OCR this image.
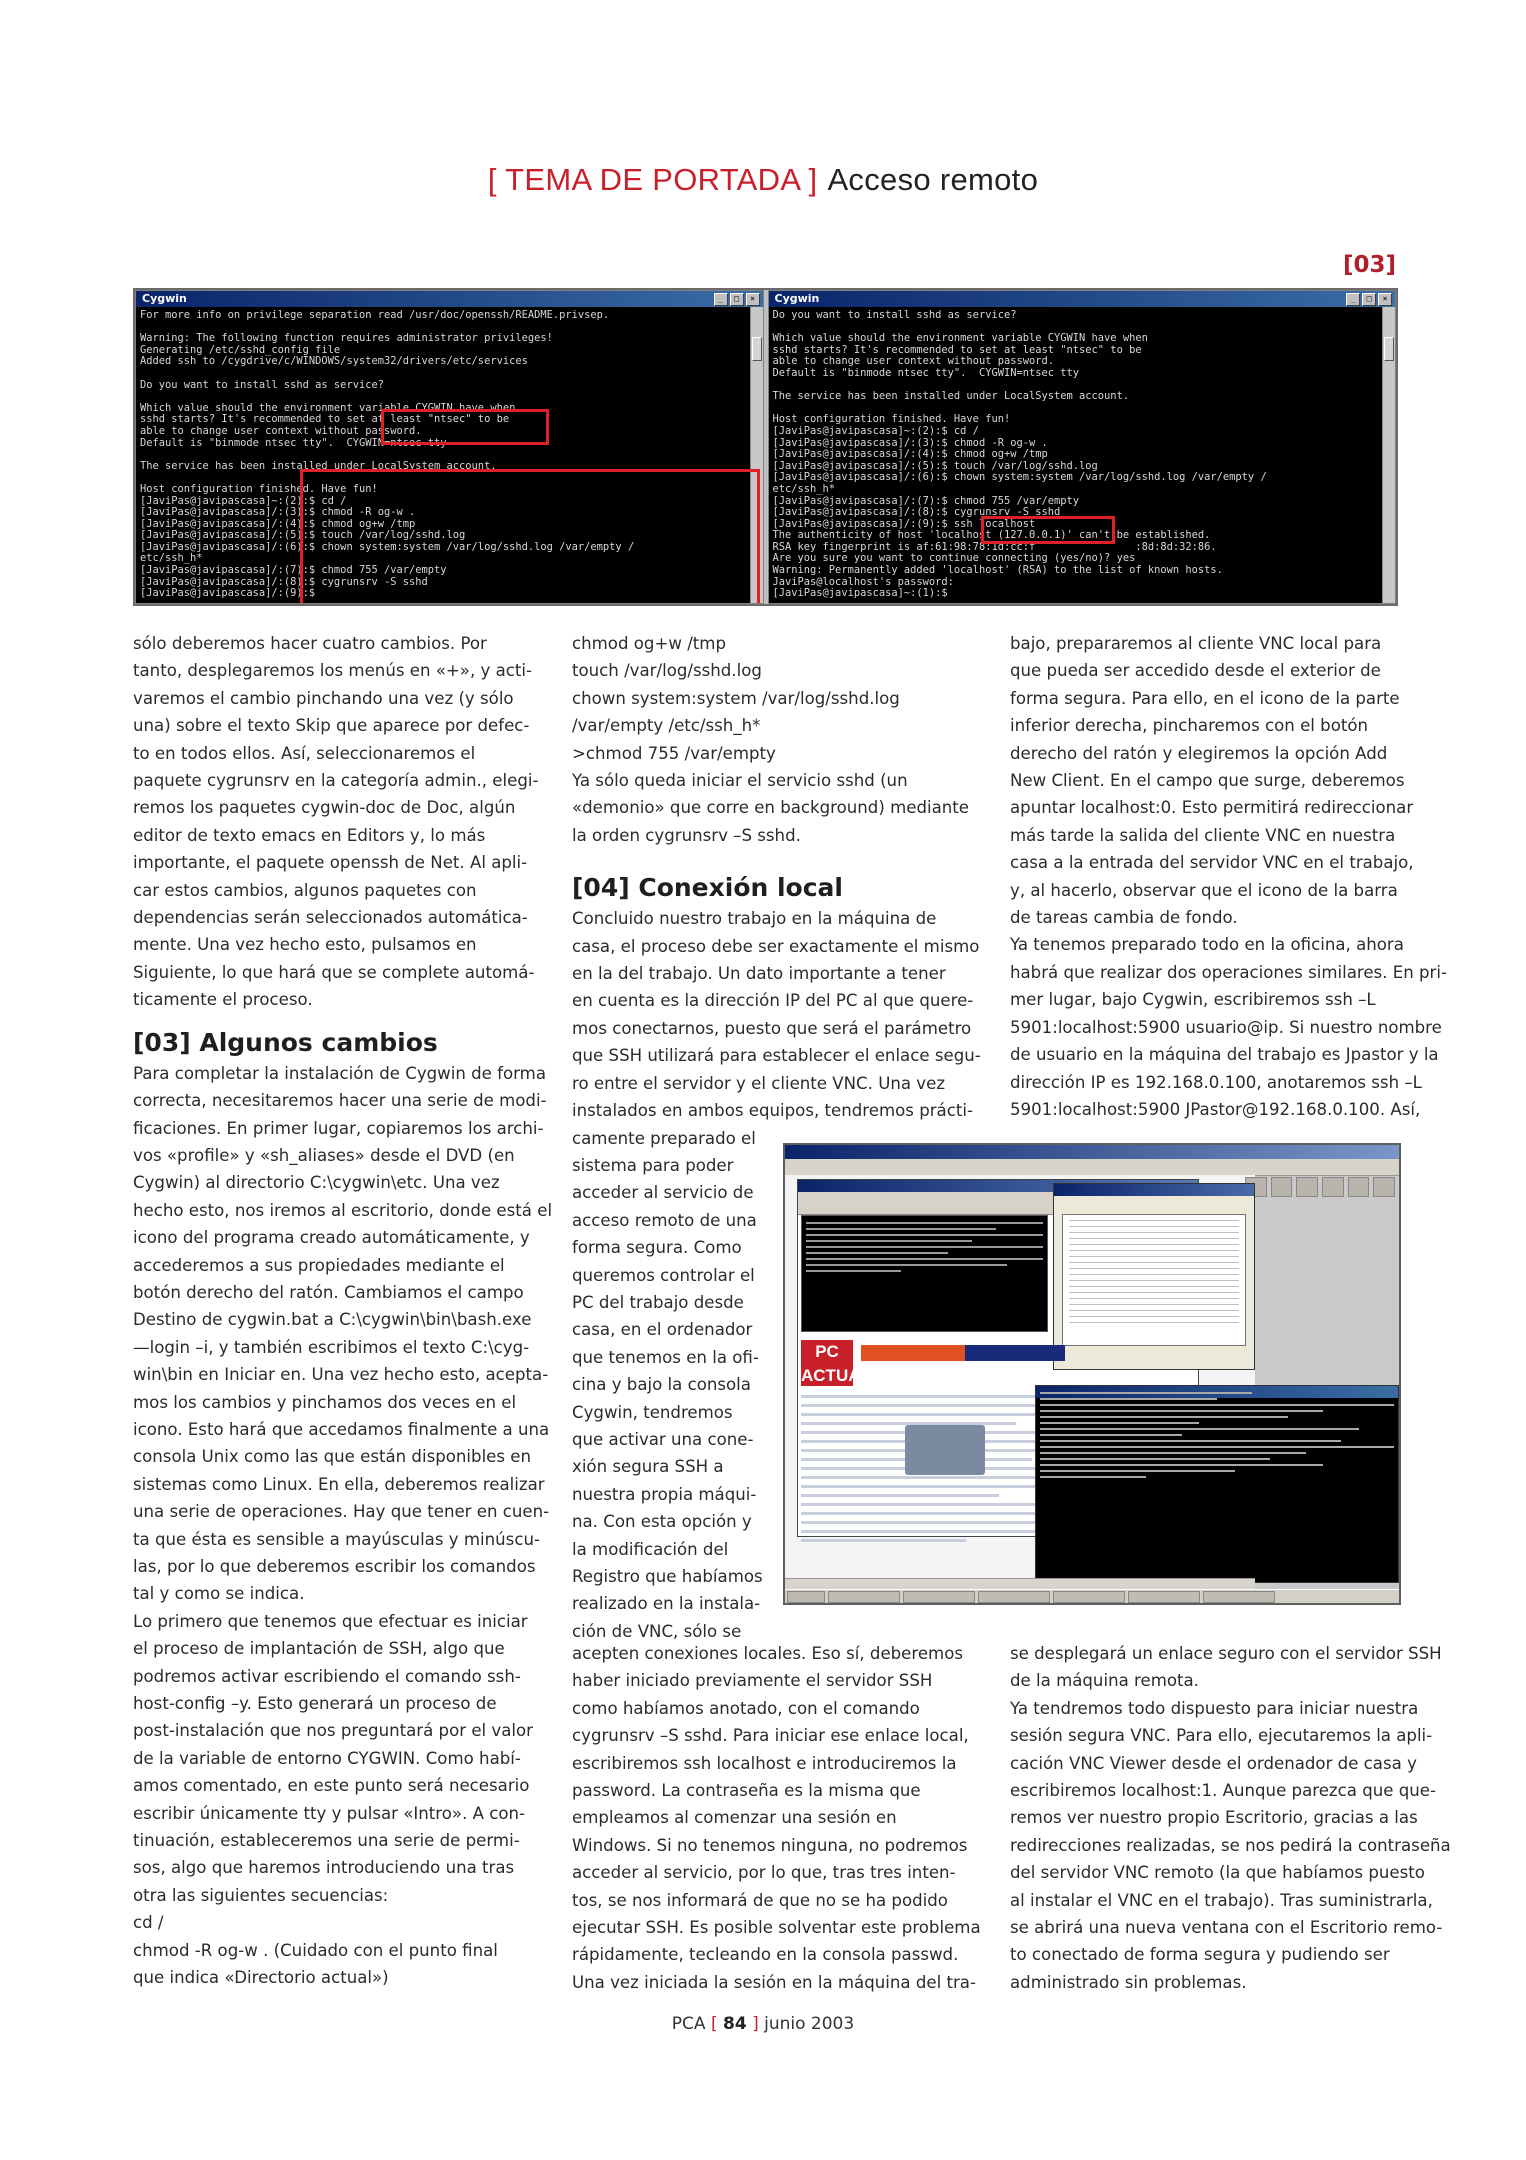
[ TEMA DE PORTADA ] Acceso remoto
[03]
Cygwin	_	□	×
For more info on privilege separation read /usr/doc/openssh/README.privsep.

Warning: The following function requires administrator privileges!
Generating /etc/sshd_config file
Added ssh to /cygdrive/c/WINDOWS/system32/drivers/etc/services

Do you want to install sshd as service?

Which value should the environment variable CYGWIN have when
sshd starts? It's recommended to set at least "ntsec" to be
able to change user context without password.
Default is "binmode ntsec tty".  CYGWIN=ntsec tty

The service has been installed under LocalSystem account.

Host configuration finished. Have fun!
[JaviPas@javipascasa]~:(2):$ cd /
[JaviPas@javipascasa]/:(3):$ chmod -R og-w .
[JaviPas@javipascasa]/:(4):$ chmod og+w /tmp
[JaviPas@javipascasa]/:(5):$ touch /var/log/sshd.log
[JaviPas@javipascasa]/:(6):$ chown system:system /var/log/sshd.log /var/empty /
etc/ssh_h*
[JaviPas@javipascasa]/:(7):$ chmod 755 /var/empty
[JaviPas@javipascasa]/:(8):$ cygrunsrv -S sshd
[JaviPas@javipascasa]/:(9):$
Cygwin	_	□	×
Do you want to install sshd as service?

Which value should the environment variable CYGWIN have when
sshd starts? It's recommended to set at least "ntsec" to be
able to change user context without password.
Default is "binmode ntsec tty".  CYGWIN=ntsec tty

The service has been installed under LocalSystem account.

Host configuration finished. Have fun!
[JaviPas@javipascasa]~:(2):$ cd /
[JaviPas@javipascasa]/:(3):$ chmod -R og-w .
[JaviPas@javipascasa]/:(4):$ chmod og+w /tmp
[JaviPas@javipascasa]/:(5):$ touch /var/log/sshd.log
[JaviPas@javipascasa]/:(6):$ chown system:system /var/log/sshd.log /var/empty /
etc/ssh_h*
[JaviPas@javipascasa]/:(7):$ chmod 755 /var/empty
[JaviPas@javipascasa]/:(8):$ cygrunsrv -S sshd
[JaviPas@javipascasa]/:(9):$ ssh localhost
The authenticity of host 'localhost (127.0.0.1)' can't be established.
RSA key fingerprint is af:61:98:78:1d:cc:f                :8d:8d:32:86.
Are you sure you want to continue connecting (yes/no)? yes
Warning: Permanently added 'localhost' (RSA) to the list of known hosts.
JaviPas@localhost's password:
[JaviPas@javipascasa]~:(1):$

sólo deberemos hacer cuatro cambios. Por
tanto, desplegaremos los menús en «+», y acti-
varemos el cambio pinchando una vez (y sólo
una) sobre el texto Skip que aparece por defec-
to en todos ellos. Así, seleccionaremos el
paquete cygrunsrv en la categoría admin., elegi-
remos los paquetes cygwin-doc de Doc, algún
editor de texto emacs en Editors y, lo más
importante, el paquete openssh de Net. Al apli-
car estos cambios, algunos paquetes con
dependencias serán seleccionados automática-
mente. Una vez hecho esto, pulsamos en
Siguiente, lo que hará que se complete automá-
ticamente el proceso.

[03] Algunos cambios

Para completar la instalación de Cygwin de forma
correcta, necesitaremos hacer una serie de modi-
ficaciones. En primer lugar, copiaremos los archi-
vos «profile» y «sh_aliases» desde el DVD (en
Cygwin) al directorio C:\cygwin\etc. Una vez
hecho esto, nos iremos al escritorio, donde está el
icono del programa creado automáticamente, y
accederemos a sus propiedades mediante el
botón derecho del ratón. Cambiamos el campo
Destino de cygwin.bat a C:\cygwin\bin\bash.exe
—login –i, y también escribimos el texto C:\cyg-
win\bin en Iniciar en. Una vez hecho esto, acepta-
mos los cambios y pinchamos dos veces en el
icono. Esto hará que accedamos finalmente a una
consola Unix como las que están disponibles en
sistemas como Linux. En ella, deberemos realizar
una serie de operaciones. Hay que tener en cuen-
ta que ésta es sensible a mayúsculas y minúscu-
las, por lo que deberemos escribir los comandos
tal y como se indica.

Lo primero que tenemos que efectuar es iniciar
el proceso de implantación de SSH, algo que
podremos activar escribiendo el comando ssh-
host-config –y. Esto generará un proceso de
post-instalación que nos preguntará por el valor
de la variable de entorno CYGWIN. Como habí-
amos comentado, en este punto será necesario
escribir únicamente tty y pulsar «Intro». A con-
tinuación, estableceremos una serie de permi-
sos, algo que haremos introduciendo una tras
otra las siguientes secuencias:
cd /
chmod -R og-w . (Cuidado con el punto final
que indica «Directorio actual»)

chmod og+w /tmp
touch /var/log/sshd.log
chown system:system /var/log/sshd.log
/var/empty /etc/ssh_h*
>chmod 755 /var/empty
Ya sólo queda iniciar el servicio sshd (un
«demonio» que corre en background) mediante
la orden cygrunsrv –S sshd.

[04] Conexión local

Concluido nuestro trabajo en la máquina de
casa, el proceso debe ser exactamente el mismo
en la del trabajo. Un dato importante a tener
en cuenta es la dirección IP del PC al que quere-
mos conectarnos, puesto que será el parámetro
que SSH utilizará para establecer el enlace segu-
ro entre el servidor y el cliente VNC. Una vez
instalados en ambos equipos, tendremos prácti-
camente preparado el
sistema para poder
acceder al servicio de
acceso remoto de una
forma segura. Como
queremos controlar el
PC del trabajo desde
casa, en el ordenador
que tenemos en la ofi-
cina y bajo la consola
Cygwin, tendremos
que activar una cone-
xión segura SSH a
nuestra propia máqui-
na. Con esta opción y
la modificación del
Registro que habíamos
realizado en la instala-
ción de VNC, sólo se

acepten conexiones locales. Eso sí, deberemos
haber iniciado previamente el servidor SSH
como habíamos anotado, con el comando
cygrunsrv –S sshd. Para iniciar ese enlace local,
escribiremos ssh localhost e introduciremos la
password. La contraseña es la misma que
empleamos al comenzar una sesión en
Windows. Si no tenemos ninguna, no podremos
acceder al servicio, por lo que, tras tres inten-
tos, se nos informará de que no se ha podido
ejecutar SSH. Es posible solventar este problema
rápidamente, tecleando en la consola passwd.
Una vez iniciada la sesión en la máquina del tra-

bajo, prepararemos al cliente VNC local para
que pueda ser accedido desde el exterior de
forma segura. Para ello, en el icono de la parte
inferior derecha, pincharemos con el botón
derecho del ratón y elegiremos la opción Add
New Client. En el campo que surge, deberemos
apuntar localhost:0. Esto permitirá redireccionar
más tarde la salida del cliente VNC en nuestra
casa a la entrada del servidor VNC en el trabajo,
y, al hacerlo, observar que el icono de la barra
de tareas cambia de fondo.

Ya tenemos preparado todo en la oficina, ahora
habrá que realizar dos operaciones similares. En pri-
mer lugar, bajo Cygwin, escribiremos ssh –L
5901:localhost:5900 usuario@ip. Si nuestro nombre
de usuario en la máquina del trabajo es Jpastor y la
dirección IP es 192.168.0.100, anotaremos ssh –L
5901:localhost:5900 JPastor@192.168.0.100. Así,

se desplegará un enlace seguro con el servidor SSH
de la máquina remota.

Ya tendremos todo dispuesto para iniciar nuestra
sesión segura VNC. Para ello, ejecutaremos la apli-
cación VNC Viewer desde el ordenador de casa y
escribiremos localhost:1. Aunque parezca que que-
remos ver nuestro propio Escritorio, gracias a las
redirecciones realizadas, se nos pedirá la contraseña
del servidor VNC remoto (la que habíamos puesto
al instalar el VNC en el trabajo). Tras suministrarla,
se abrirá una nueva ventana con el Escritorio remo-
to conectado de forma segura y pudiendo ser
administrado sin problemas.

PC
ACTUAL
PCA [ 84 ] junio 2003
